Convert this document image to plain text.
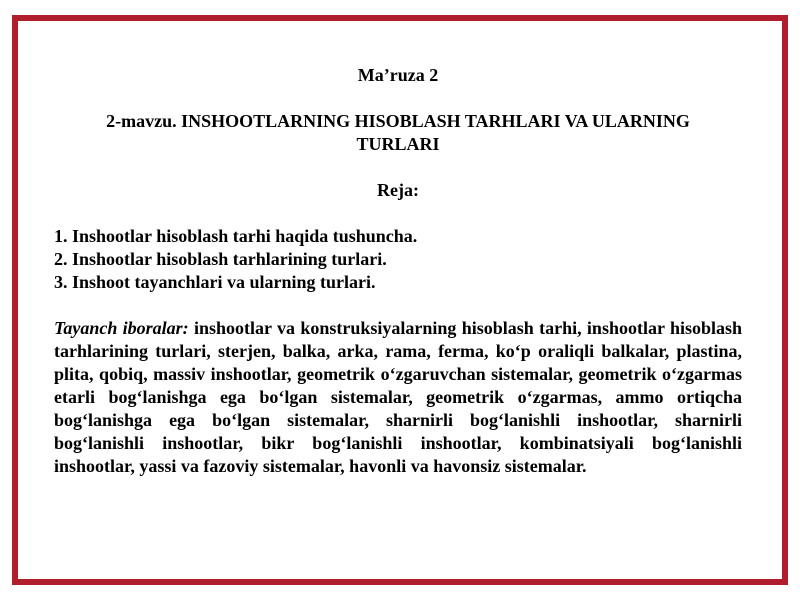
Ma’ruza 2

2-mavzu. INSHOOTLARNING HISOBLASH TARHLARI VA ULARNING TURLARI

Reja:

1. Inshootlar hisoblash tarhi haqida tushuncha.
2. Inshootlar hisoblash tarhlarining turlari.
3. Inshoot tayanchlari va ularning turlari.

Tayanch iboralar: inshootlar va konstruksiyalarning hisoblash tarhi, inshootlar hisoblash tarhlarining turlari, sterjen, balka, arka, rama, ferma, ko‘p oraliqli balkalar, plastina, plita, qobiq, massiv inshootlar, geometrik o‘zgaruvchan sistemalar, geometrik o‘zgarmas etarli bog‘lanishga ega bo‘lgan sistemalar, geometrik o‘zgarmas, ammo ortiqcha bog‘lanishga ega bo‘lgan sistemalar, sharnirli bog‘lanishli inshootlar, sharnirli bog‘lanishli inshootlar, bikr bog‘lanishli inshootlar, kombinatsiyali bog‘lanishli inshootlar, yassi va fazoviy sistemalar, havonli va havonsiz sistemalar.
